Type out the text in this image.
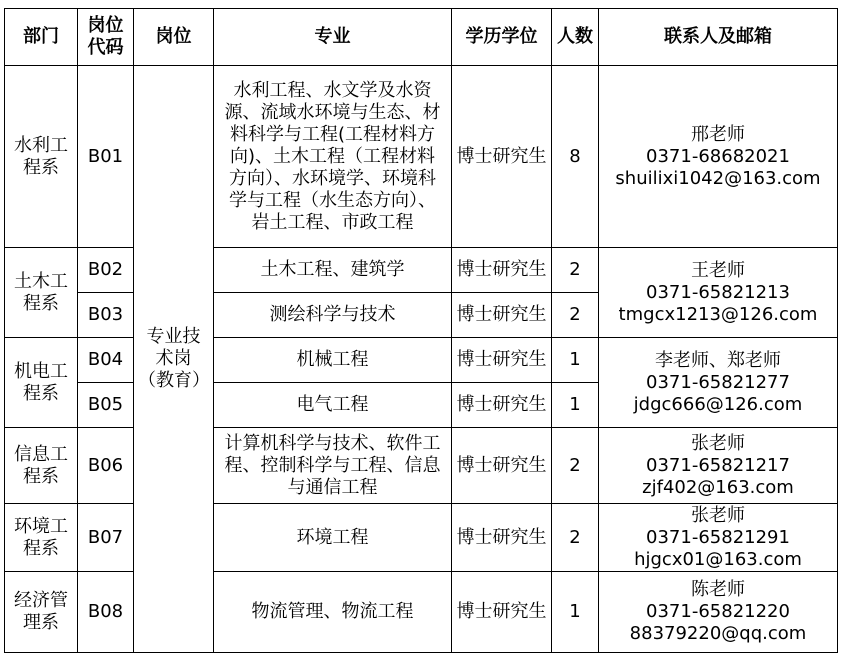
部门	岗位代码	岗位	专业	学历学位	人数	联系人及邮箱
水利工程系	B01	专业技术岗（教育）	水利工程、水文学及水资源、流域水环境与生态、材料科学与工程(工程材料方向)、土木工程（工程材料方向）、水环境学、环境科学与工程（水生态方向）、岩土工程、市政工程	博士研究生	8	邢老师
0371-68682021
shuilixi1042@163.com

土木工程系	B02		土木工程、建筑学	博士研究生	2	王老师
0371-65821213
tmgcx1213@126.com

	B03		测绘科学与技术	博士研究生	2	
机电工程系	B04		机械工程	博士研究生	1	李老师、郑老师
0371-65821277
jdgc666@126.com

	B05		电气工程	博士研究生	1	
信息工程系	B06		计算机科学与技术、软件工程、控制科学与工程、信息与通信工程	博士研究生	2	张老师
0371-65821217
zjf402@163.com

环境工程系	B07		环境工程	博士研究生	2	张老师
0371-65821291
hjgcx01@163.com

经济管理系	B08		物流管理、物流工程	博士研究生	1	陈老师
0371-65821220
88379220@qq.com
